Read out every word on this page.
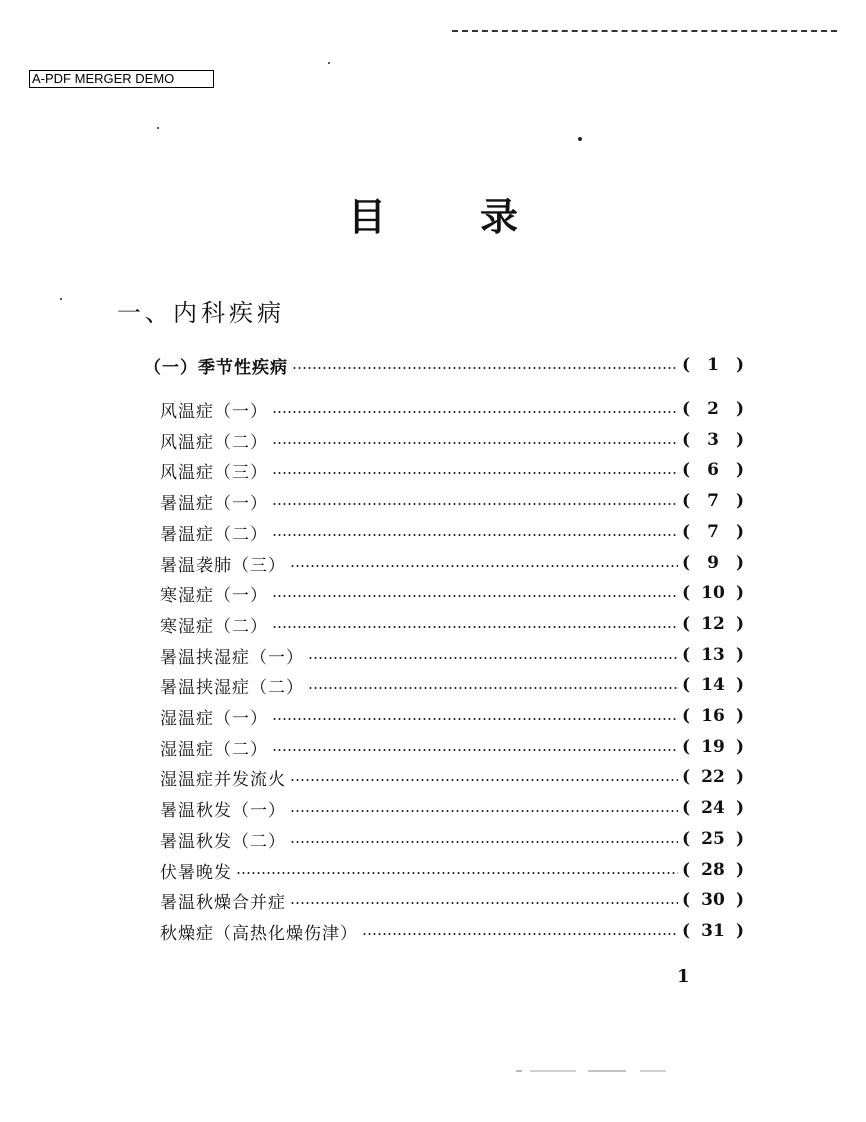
A-PDF MERGER DEMO
目 录
一、内科疾病
（一）季节性疾病	( 1 )
风温症（一）	( 2 )
风温症（二）	( 3 )
风温症（三）	( 6 )
暑温症（一）	( 7 )
暑温症（二）	( 7 )
暑温袭肺（三）	( 9 )
寒湿症（一）	( 10 )
寒湿症（二）	( 12 )
暑温挟湿症（一）	( 13 )
暑温挟湿症（二）	( 14 )
湿温症（一）	( 16 )
湿温症（二）	( 19 )
湿温症并发流火	( 22 )
暑温秋发（一）	( 24 )
暑温秋发（二）	( 25 )
伏暑晚发	( 28 )
暑温秋燥合并症	( 30 )
秋燥症（高热化燥伤津）	( 31 )
1
